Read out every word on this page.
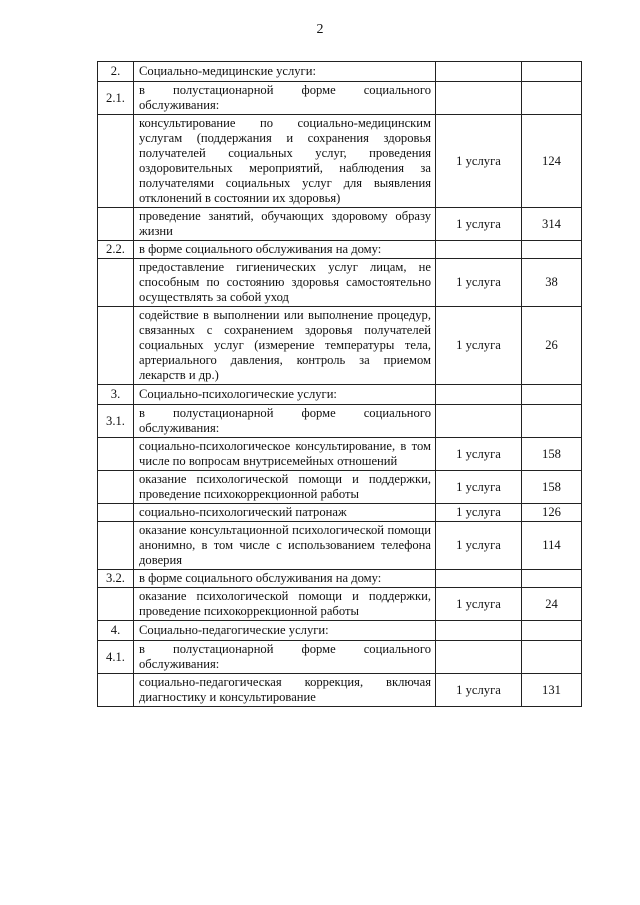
2
2.	Социально-медицинские услуги:		
2.1.	в полустационарной форме социального обслуживания:		
	консультирование по социально-медицинским услугам (поддержания и сохранения здоровья получателей социальных услуг, проведения оздоровительных мероприятий, наблюдения за получателями социальных услуг для выявления отклонений в состоянии их здоровья)	1 услуга	124
	проведение занятий, обучающих здоровому образу жизни	1 услуга	314
2.2.	в форме социального обслуживания на дому:		
	предоставление гигиенических услуг лицам, не способным по состоянию здоровья самостоятельно осуществлять за собой уход	1 услуга	38
	содействие в выполнении или выполнение процедур, связанных с сохранением здоровья получателей социальных услуг (измерение температуры тела, артериального давления, контроль за приемом лекарств и др.)	1 услуга	26
3.	Социально-психологические услуги:		
3.1.	в полустационарной форме социального обслуживания:		
	социально-психологическое консультирование, в том числе по вопросам внутрисемейных отношений	1 услуга	158
	оказание психологической помощи и поддержки, проведение психокоррекционной работы	1 услуга	158
	социально-психологический патронаж	1 услуга	126
	оказание консультационной психологической помощи анонимно, в том числе с использованием телефона доверия	1 услуга	114
3.2.	в форме социального обслуживания на дому:		
	оказание психологической помощи и поддержки, проведение психокоррекционной работы	1 услуга	24
4.	Социально-педагогические услуги:		
4.1.	в полустационарной форме социального обслуживания:		
	социально-педагогическая коррекция, включая диагностику и консультирование	1 услуга	131
